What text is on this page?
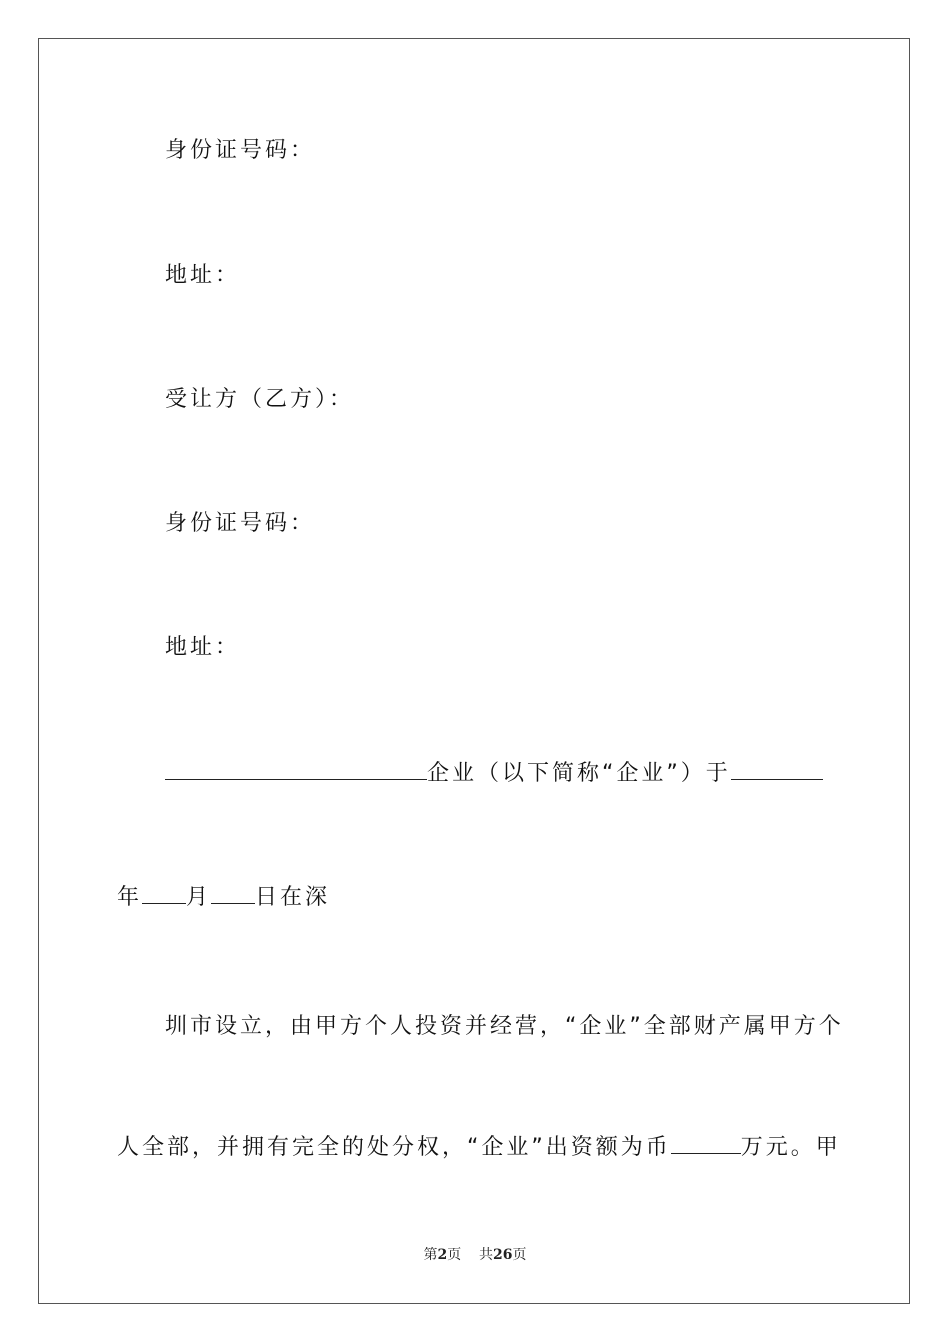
身份证号码：
地址：
受让方（乙方）：
身份证号码：
地址：
企业（以下简称“企业”）于
年 月 日在深
圳市设立，由甲方个人投资并经营，“企业”全部财产属甲方个
人全部，并拥有完全的处分权，“企业”出资额为币	万元。甲
第2页 共26页
